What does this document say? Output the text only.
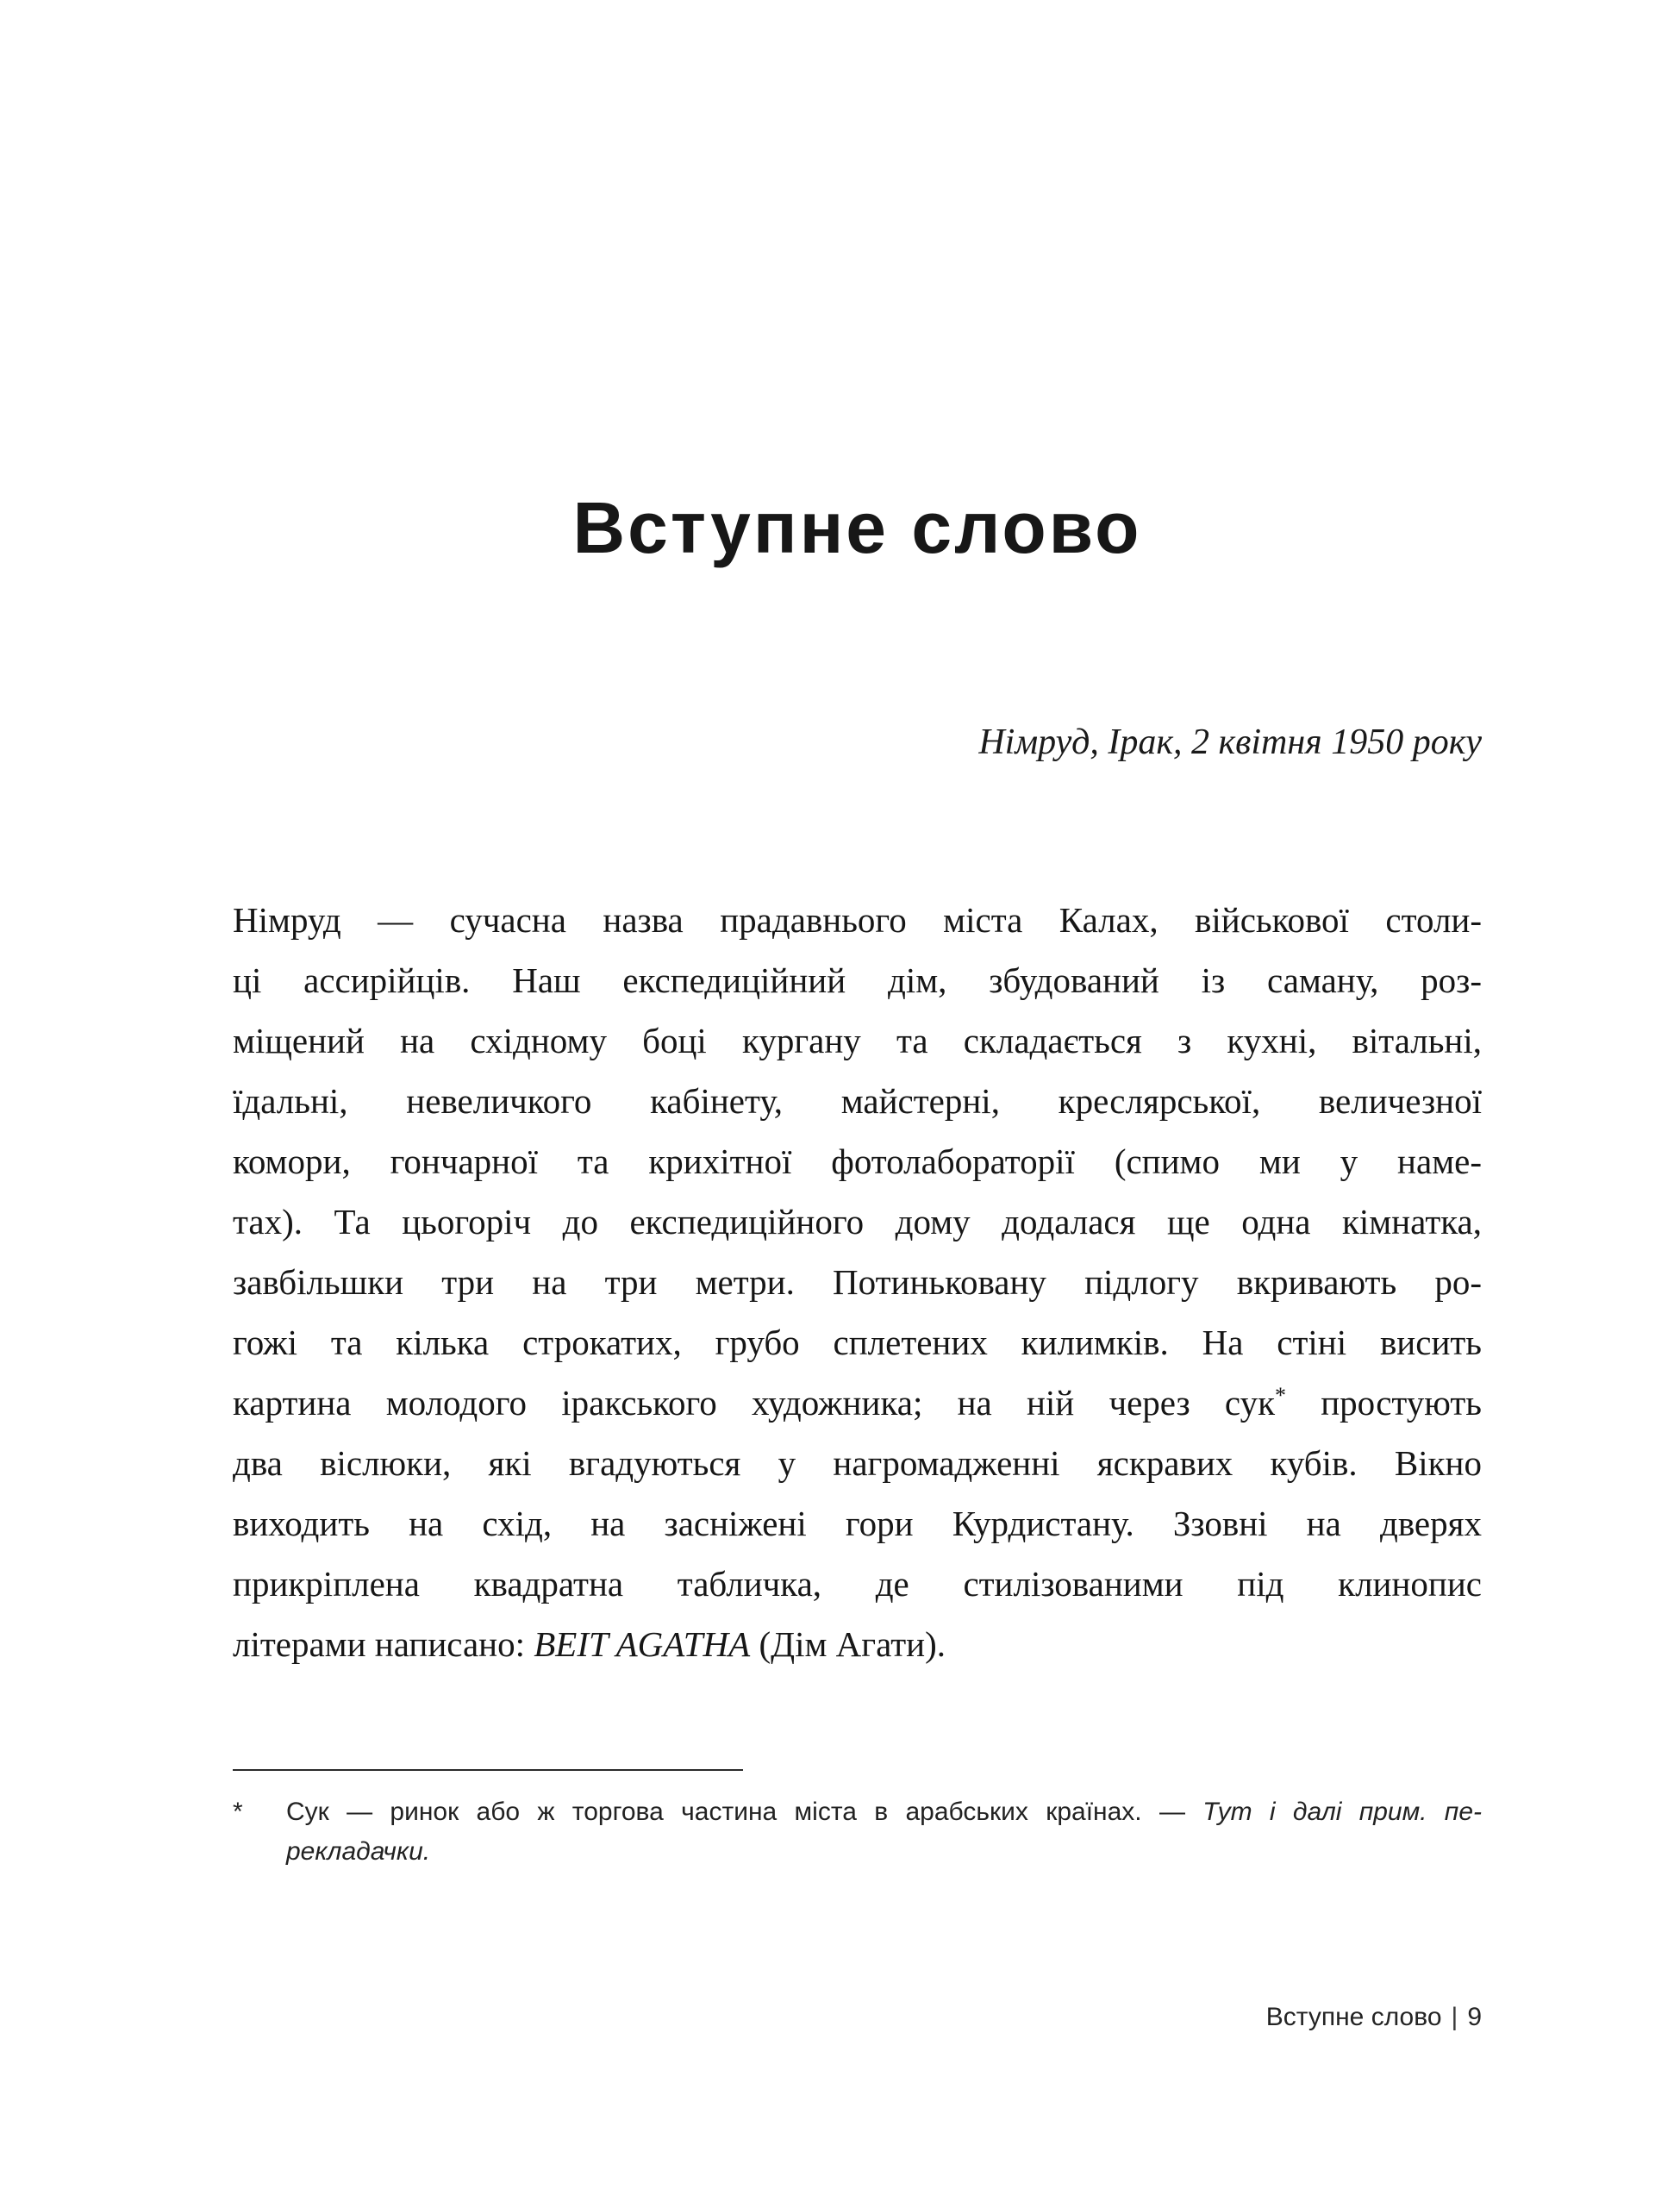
Вступне слово
Німруд, Ірак, 2 квітня 1950 року
Німруд — сучасна назва прадавнього міста Калах, військової столи-
ці ассирійців. Наш експедиційний дім, збудований із саману, роз-
міщений на східному боці кургану та складається з кухні, вітальні,
їдальні, невеличкого кабінету, майстерні, креслярської, величезної
комори, гончарної та крихітної фотолабораторії (спимо ми у наме-
тах). Та цьогоріч до експедиційного дому додалася ще одна кімнатка,
завбільшки три на три метри. Потиньковану підлогу вкривають ро-
гожі та кілька строкатих, грубо сплетених килимків. На стіні висить
картина молодого іракського художника; на ній через сук* простують
два віслюки, які вгадуються у нагромадженні яскравих кубів. Вікно
виходить на схід, на засніжені гори Курдистану. Ззовні на дверях
прикріплена квадратна табличка, де стилізованими під клинопис
літерами написано: BEIT AGATHA (Дім Агати).
*	Сук — ринок або ж торгова частина міста в арабських країнах. — Тут і далі прим. пе-
рекладачки.
Вступне слово | 9
